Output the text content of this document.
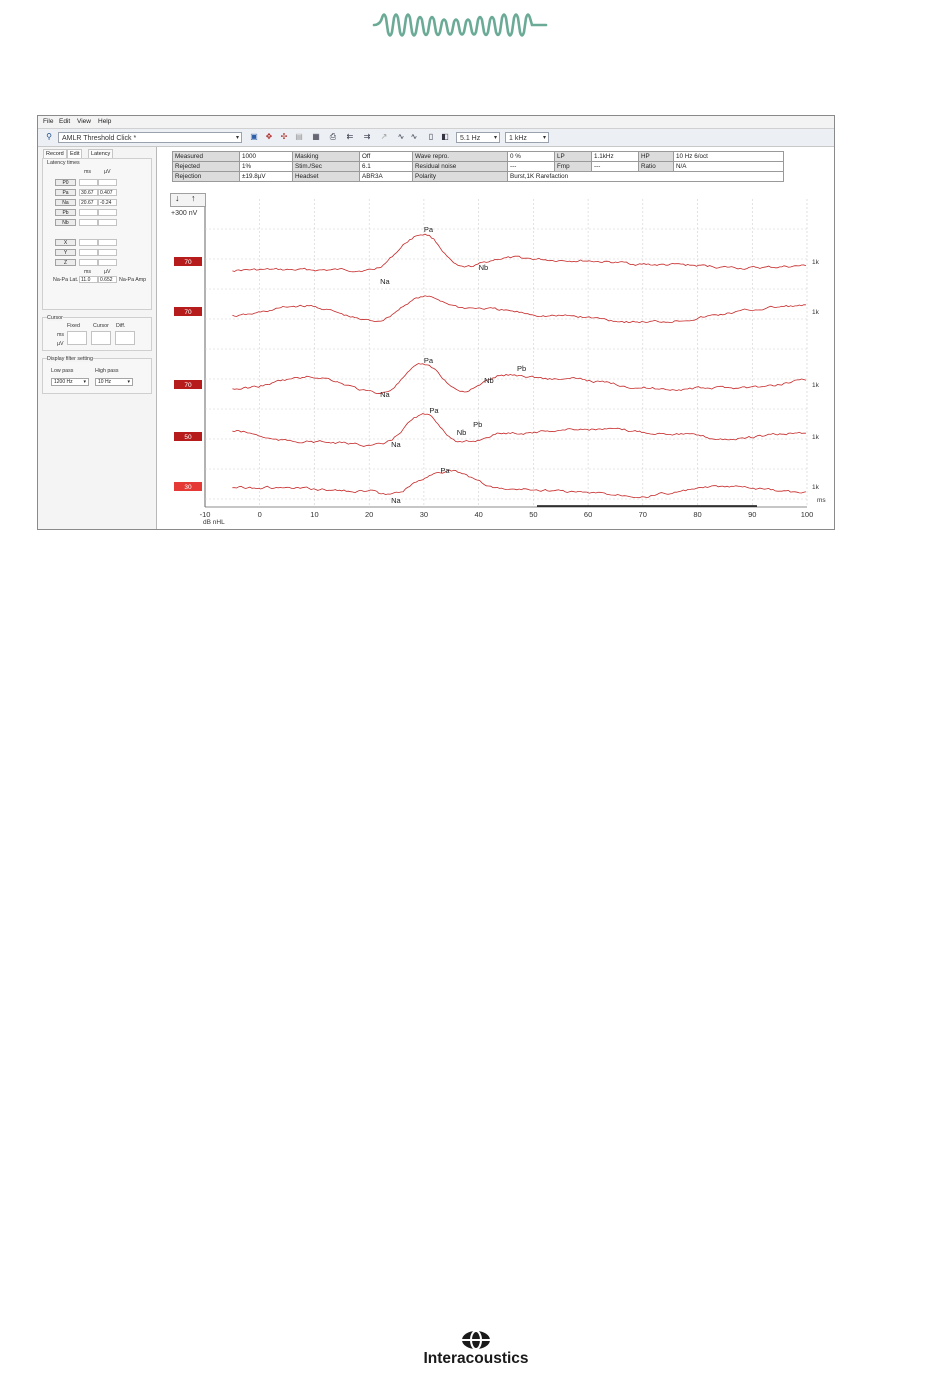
File Edit View Help
⚲	AMLR Threshold Click *	▾ ▣ ✥ ✣ ▤ ▦ ⎙ ⇇ ⇉ ↗ ∿ ∿	▯	◧	5.1 Hz ▾	1 kHz	▾
Record	Edit	Latency
Latency times
ms µV
P0
Pa	30.67	0.407
Na	20.67	-0.24
Pb
Nb
X
Y
Z
ms µV
Na-Pa Lat. 11.0	0.652	Na-Pa Amp
Cursor
Fixed Cursor Diff.
ms
µV
Display filter setting
Low pass	High pass
1200 Hz ▾	10 Hz	▾
Measured	1000	Masking	Off	Wave repro.	0 %	LP	1.1kHz	HP	10 Hz 6/oct
Rejected	1%	Stim./Sec	6.1	Residual noise	---	Fmp	---	Ratio	N/A
Rejection	±19.8µV	Headset	ABR3A	Polarity	Burst,1K Rarefaction				
-10	0	10	20	30	40	50	60	70	80	90	100
dB nHL
ms
+300 nV
70	1k
Na
Pa
Nb
70	1k
70	1k
Na
Pa
Nb
Pb
50	1k
Na
Pa
Nb
Pb
30	1k
Na
Pa
↓ ↑
Interacoustics
